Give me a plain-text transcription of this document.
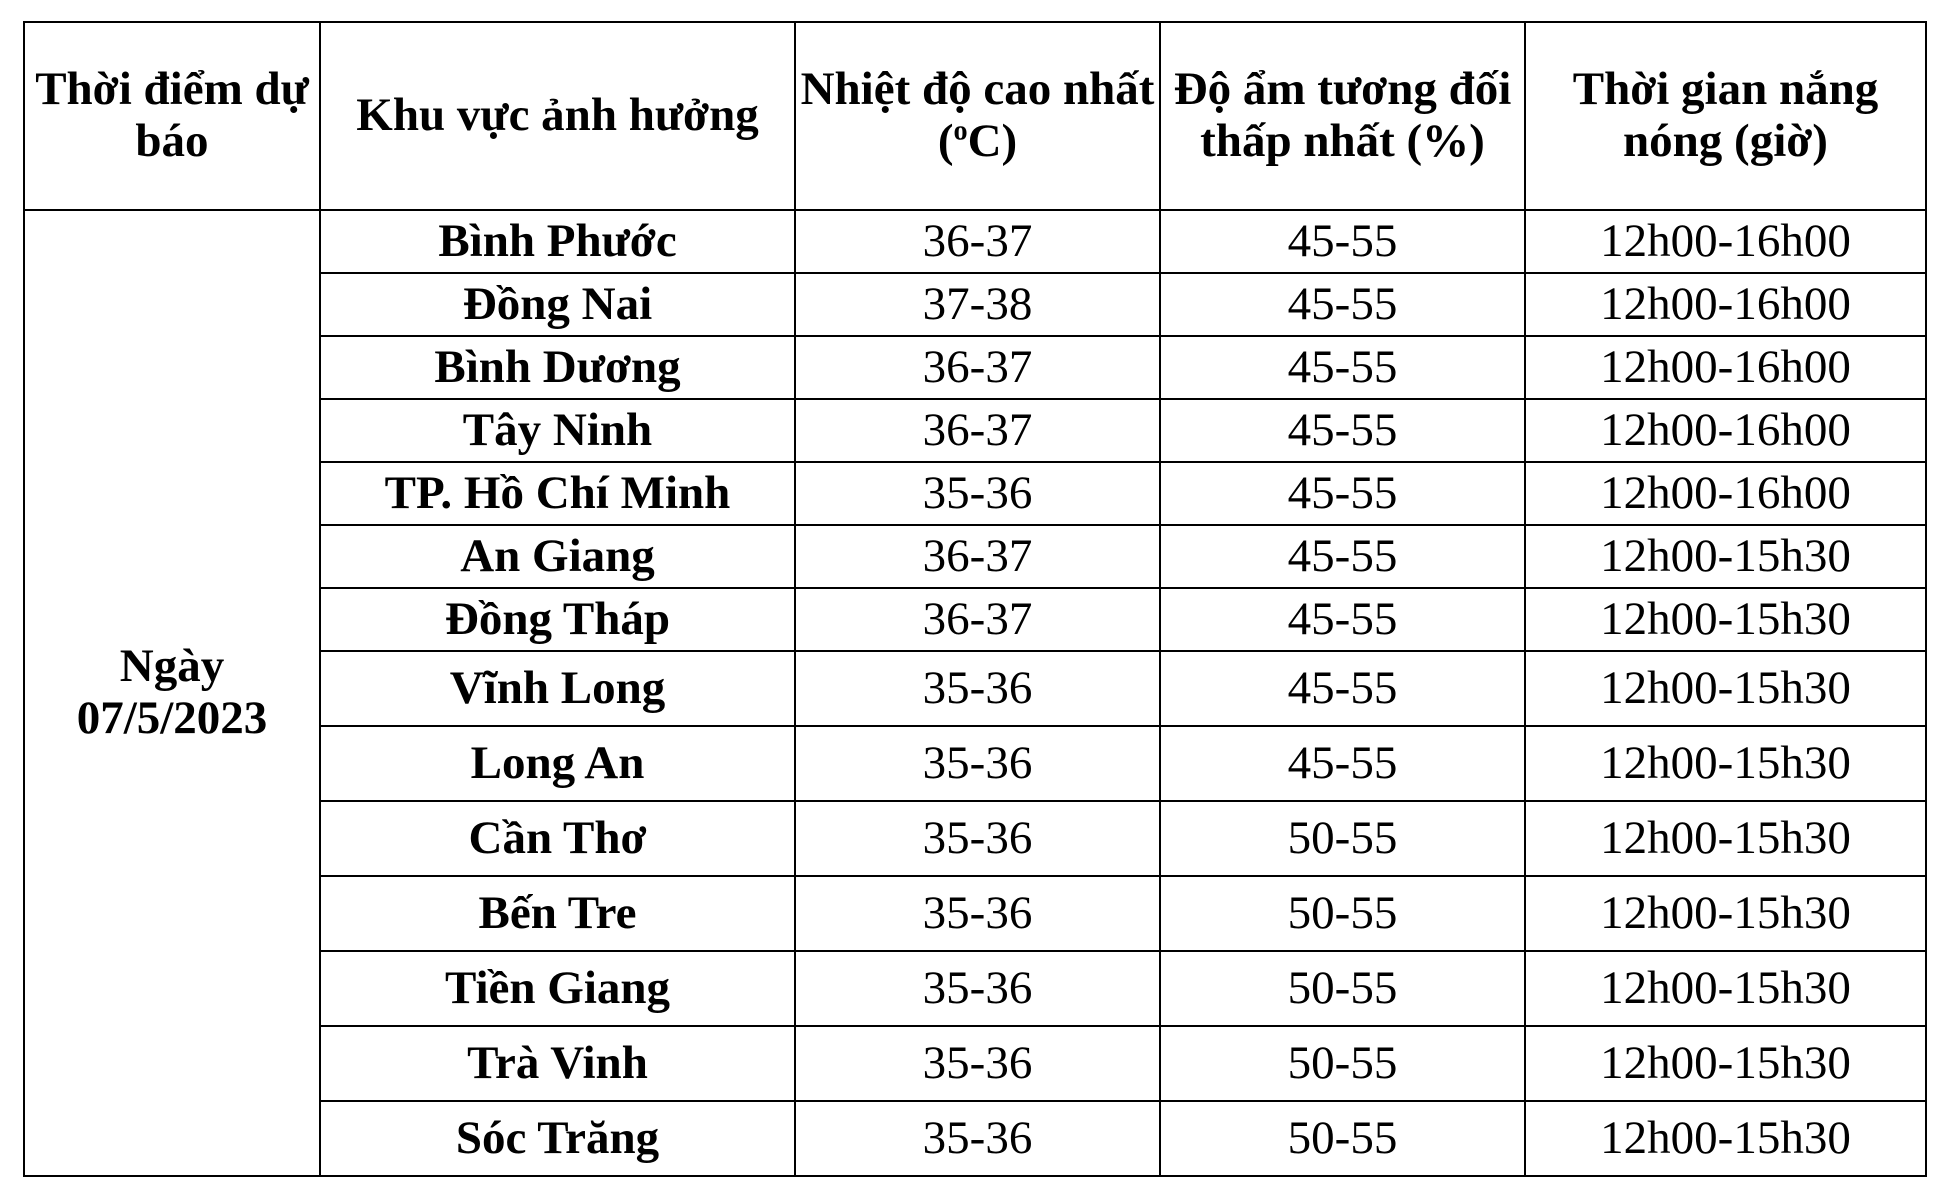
Thời điểm dự báo	Khu vực ảnh hưởng	Nhiệt độ cao nhất ($^o$C)	Độ ẩm tương đối thấp nhất (%)	Thời gian nắng nóng (giờ)
Ngày
07/5/2023	Bình Phước	36-37	45-55	12h00-16h00
	Đồng Nai	37-38	45-55	12h00-16h00
	Bình Dương	36-37	45-55	12h00-16h00
	Tây Ninh	36-37	45-55	12h00-16h00
	TP. Hồ Chí Minh	35-36	45-55	12h00-16h00
	An Giang	36-37	45-55	12h00-15h30
	Đồng Tháp	36-37	45-55	12h00-15h30
	Vĩnh Long	35-36	45-55	12h00-15h30
	Long An	35-36	45-55	12h00-15h30
	Cần Thơ	35-36	50-55	12h00-15h30
	Bến Tre	35-36	50-55	12h00-15h30
	Tiền Giang	35-36	50-55	12h00-15h30
	Trà Vinh	35-36	50-55	12h00-15h30
	Sóc Trăng	35-36	50-55	12h00-15h30
